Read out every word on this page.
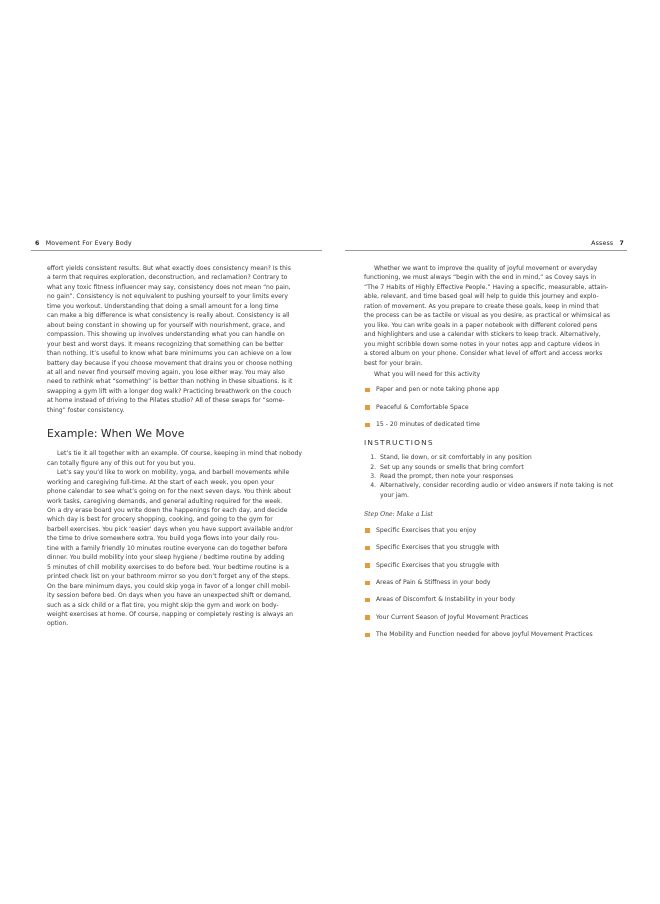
6 Movement For Every Body	Assess 7

effort yields consistent results. But what exactly does consistency mean? Is this
a term that requires exploration, deconstruction, and reclamation? Contrary to
what any toxic fitness influencer may say, consistency does not mean “no pain,
no gain”. Consistency is not equivalent to pushing yourself to your limits every
time you workout. Understanding that doing a small amount for a long time
can make a big difference is what consistency is really about. Consistency is all
about being constant in showing up for yourself with nourishment, grace, and
compassion. This showing up involves understanding what you can handle on
your best and worst days. It means recognizing that something can be better
than nothing. It’s useful to know what bare minimums you can achieve on a low
battery day because if you choose movement that drains you or choose nothing
at all and never find yourself moving again, you lose either way. You may also
need to rethink what “something” is better than nothing in these situations. Is it
swapping a gym lift with a longer dog walk? Practicing breathwork on the couch
at home instead of driving to the Pilates studio? All of these swaps for “some-
thing” foster consistency.

Example: When We Move

Let’s tie it all together with an example. Of course, keeping in mind that nobody
can totally figure any of this out for you but you.

Let’s say you’d like to work on mobility, yoga, and barbell movements while
working and caregiving full-time. At the start of each week, you open your
phone calendar to see what’s going on for the next seven days. You think about
work tasks, caregiving demands, and general adulting required for the week.
On a dry erase board you write down the happenings for each day, and decide
which day is best for grocery shopping, cooking, and going to the gym for
barbell exercises. You pick ‘easier’ days when you have support available and/or
the time to drive somewhere extra. You build yoga flows into your daily rou-
tine with a family friendly 10 minutes routine everyone can do together before
dinner. You build mobility into your sleep hygiene / bedtime routine by adding
5 minutes of chill mobility exercises to do before bed. Your bedtime routine is a
printed check list on your bathroom mirror so you don’t forget any of the steps.
On the bare minimum days, you could skip yoga in favor of a longer chill mobil-
ity session before bed. On days when you have an unexpected shift or demand,
such as a sick child or a flat tire, you might skip the gym and work on body-
weight exercises at home. Of course, napping or completely resting is always an
option.

Whether we want to improve the quality of joyful movement or everyday
functioning, we must always “begin with the end in mind,” as Covey says in
“The 7 Habits of Highly Effective People.” Having a specific, measurable, attain-
able, relevant, and time based goal will help to guide this journey and explo-
ration of movement. As you prepare to create these goals, keep in mind that
the process can be as tactile or visual as you desire, as practical or whimsical as
you like. You can write goals in a paper notebook with different colored pens
and highlighters and use a calendar with stickers to keep track. Alternatively,
you might scribble down some notes in your notes app and capture videos in
a stored album on your phone. Consider what level of effort and access works
best for your brain.

What you will need for this activity

Paper and pen or note taking phone app
Peaceful & Comfortable Space
15 - 20 minutes of dedicated time
INSTRUCTIONS
1. Stand, lie down, or sit comfortably in any position
2. Set up any sounds or smells that bring comfort
3. Read the prompt, then note your responses
4. Alternatively, consider recording audio or video answers if note taking is not your jam.
Step One: Make a List
Specific Exercises that you enjoy
Specific Exercises that you struggle with
Specific Exercises that you struggle with
Areas of Pain & Stiffness in your body
Areas of Discomfort & Instability in your body
Your Current Season of Joyful Movement Practices
The Mobility and Function needed for above Joyful Movement Practices
